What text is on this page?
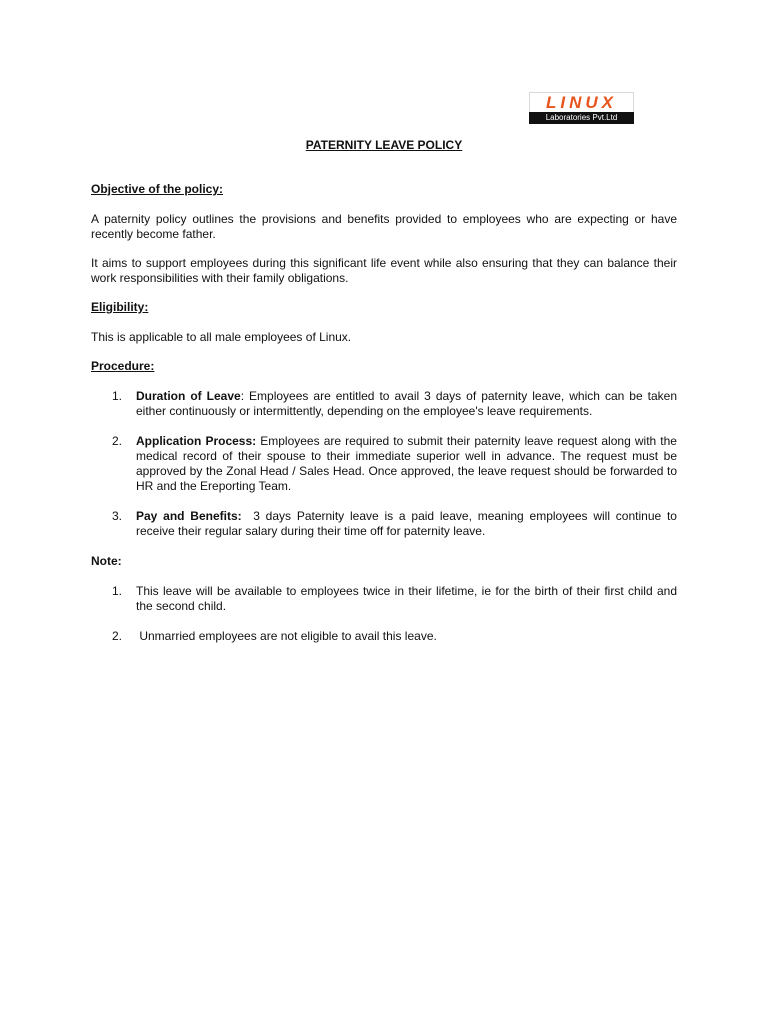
LINUX
Laboratories Pvt.Ltd
PATERNITY LEAVE POLICY
Objective of the policy:
A paternity policy outlines the provisions and benefits provided to employees who are expecting or have recently become father.
It aims to support employees during this significant life event while also ensuring that they can balance their work responsibilities with their family obligations.
Eligibility:
This is applicable to all male employees of Linux.
Procedure:
1. Duration of Leave: Employees are entitled to avail 3 days of paternity leave, which can be taken either continuously or intermittently, depending on the employee's leave requirements.
2. Application Process: Employees are required to submit their paternity leave request along with the medical record of their spouse to their immediate superior well in advance. The request must be approved by the Zonal Head / Sales Head. Once approved, the leave request should be forwarded to HR and the Ereporting Team.
3. Pay and Benefits:  3 days Paternity leave is a paid leave, meaning employees will continue to receive their regular salary during their time off for paternity leave.
Note:
1. This leave will be available to employees twice in their lifetime, ie for the birth of their first child and the second child.
2. Unmarried employees are not eligible to avail this leave.
